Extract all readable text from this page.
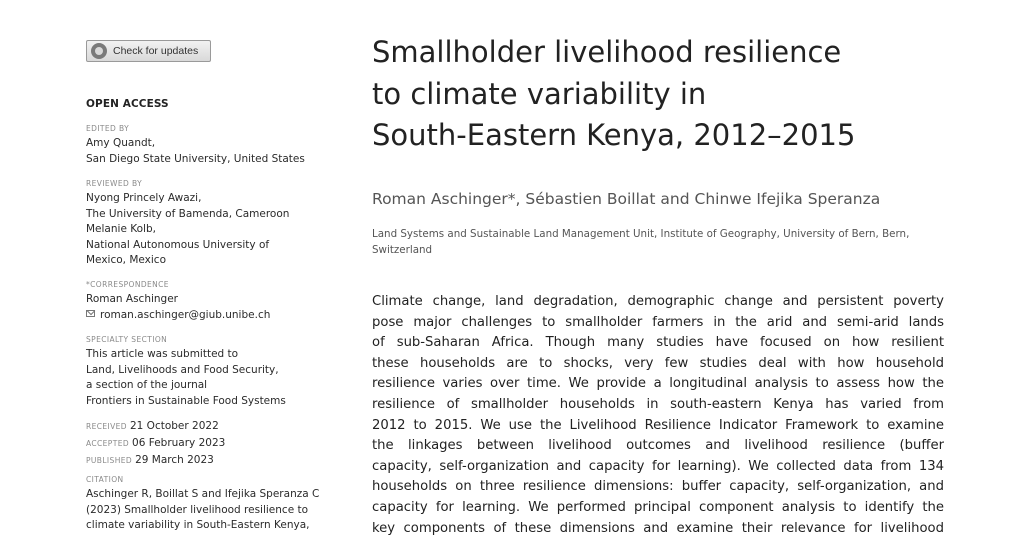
Check for updates
OPEN ACCESS
EDITED BY
Amy Quandt,
San Diego State University, United States
REVIEWED BY
Nyong Princely Awazi,
The University of Bamenda, Cameroon
Melanie Kolb,
National Autonomous University of
Mexico, Mexico
*CORRESPONDENCE
Roman Aschinger
roman.aschinger@giub.unibe.ch
SPECIALTY SECTION
This article was submitted to
Land, Livelihoods and Food Security,
a section of the journal
Frontiers in Sustainable Food Systems
RECEIVED 21 October 2022
ACCEPTED 06 February 2023
PUBLISHED 29 March 2023
CITATION
Aschinger R, Boillat S and Ifejika Speranza C
(2023) Smallholder livelihood resilience to
climate variability in South-Eastern Kenya,
Smallholder livelihood resilience
to climate variability in
South-Eastern Kenya, 2012–2015
Roman Aschinger*, Sébastien Boillat and Chinwe Ifejika Speranza
Land Systems and Sustainable Land Management Unit, Institute of Geography, University of Bern, Bern,
Switzerland
Climate change, land degradation, demographic change and persistent poverty
pose major challenges to smallholder farmers in the arid and semi-arid lands
of sub-Saharan Africa. Though many studies have focused on how resilient
these households are to shocks, very few studies deal with how household
resilience varies over time. We provide a longitudinal analysis to assess how the
resilience of smallholder households in south-eastern Kenya has varied from
2012 to 2015. We use the Livelihood Resilience Indicator Framework to examine
the linkages between livelihood outcomes and livelihood resilience (buffer
capacity, self-organization and capacity for learning). We collected data from 134
households on three resilience dimensions: buffer capacity, self-organization, and
capacity for learning. We performed principal component analysis to identify the
key components of these dimensions and examine their relevance for livelihood
